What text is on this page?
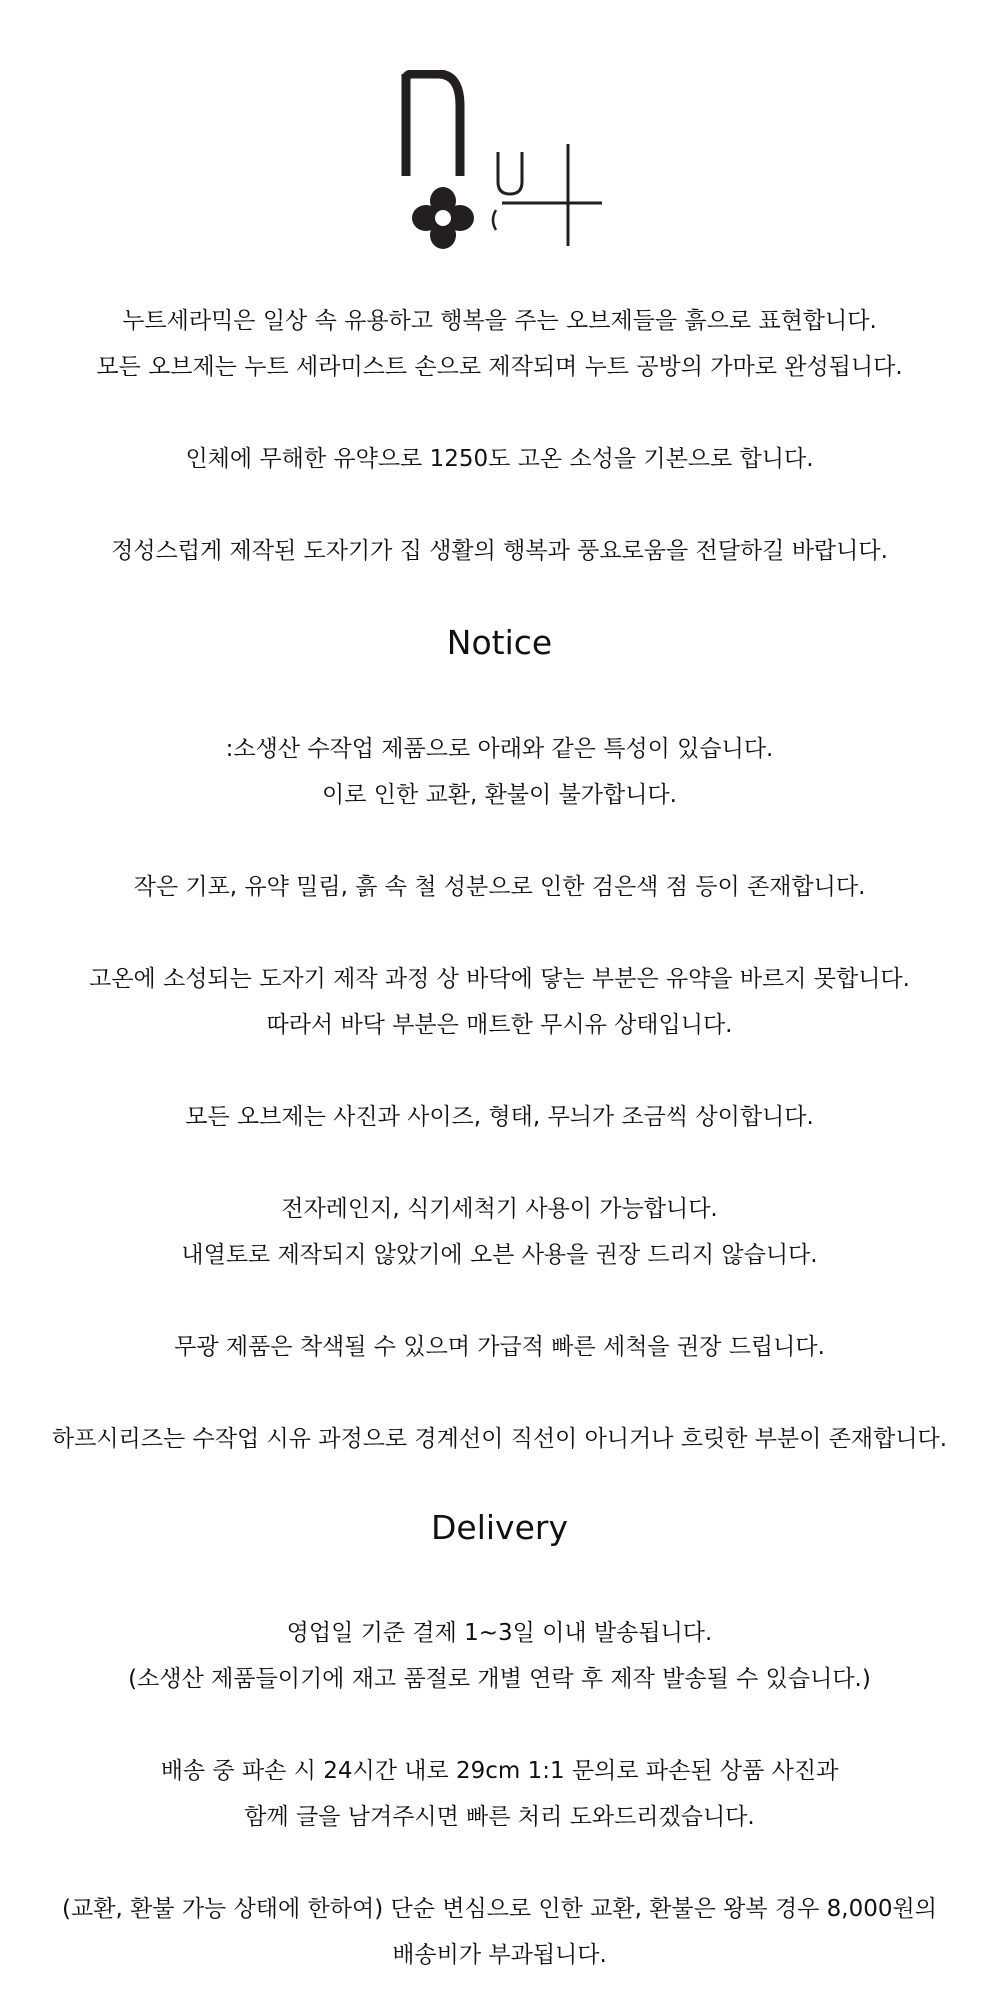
누트세라믹은 일상 속 유용하고 행복을 주는 오브제들을 흙으로 표현합니다.

모든 오브제는 누트 세라미스트 손으로 제작되며 누트 공방의 가마로 완성됩니다.

인체에 무해한 유약으로 1250도 고온 소성을 기본으로 합니다.

정성스럽게 제작된 도자기가 집 생활의 행복과 풍요로움을 전달하길 바랍니다.

Notice

:소생산 수작업 제품으로 아래와 같은 특성이 있습니다.

이로 인한 교환, 환불이 불가합니다.

작은 기포, 유약 밀림, 흙 속 철 성분으로 인한 검은색 점 등이 존재합니다.

고온에 소성되는 도자기 제작 과정 상 바닥에 닿는 부분은 유약을 바르지 못합니다.

따라서 바닥 부분은 매트한 무시유 상태입니다.

모든 오브제는 사진과 사이즈, 형태, 무늬가 조금씩 상이합니다.

전자레인지, 식기세척기 사용이 가능합니다.

내열토로 제작되지 않았기에 오븐 사용을 권장 드리지 않습니다.

무광 제품은 착색될 수 있으며 가급적 빠른 세척을 권장 드립니다.

하프시리즈는 수작업 시유 과정으로 경계선이 직선이 아니거나 흐릿한 부분이 존재합니다.

Delivery

영업일 기준 결제 1~3일 이내 발송됩니다.

(소생산 제품들이기에 재고 품절로 개별 연락 후 제작 발송될 수 있습니다.)

배송 중 파손 시 24시간 내로 29cm 1:1 문의로 파손된 상품 사진과

함께 글을 남겨주시면 빠른 처리 도와드리겠습니다.

(교환, 환불 가능 상태에 한하여) 단순 변심으로 인한 교환, 환불은 왕복 경우 8,000원의

배송비가 부과됩니다.
